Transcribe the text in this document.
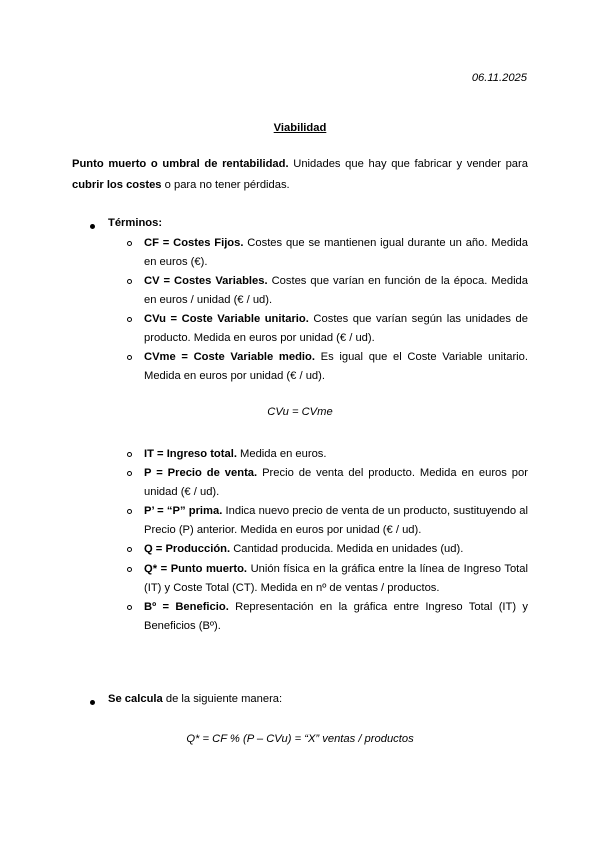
06.11.2025
Viabilidad
Punto muerto o umbral de rentabilidad. Unidades que hay que fabricar y vender para
cubrir los costes o para no tener pérdidas.
Términos:
CF = Costes Fijos. Costes que se mantienen igual durante un año. Medida
en euros (€).
CV = Costes Variables. Costes que varían en función de la época. Medida
en euros / unidad (€ / ud).
CVu = Coste Variable unitario. Costes que varían según las unidades de
producto. Medida en euros por unidad (€ / ud).
CVme = Coste Variable medio. Es igual que el Coste Variable unitario.
Medida en euros por unidad (€ / ud).
CVu = CVme
IT = Ingreso total. Medida en euros.
P = Precio de venta. Precio de venta del producto. Medida en euros por
unidad (€ / ud).
P’ = “P” prima. Indica nuevo precio de venta de un producto, sustituyendo al
Precio (P) anterior. Medida en euros por unidad (€ / ud).
Q = Producción. Cantidad producida. Medida en unidades (ud).
Q* = Punto muerto. Unión física en la gráfica entre la línea de Ingreso Total
(IT) y Coste Total (CT). Medida en nº de ventas / productos.
Bº = Beneficio. Representación en la gráfica entre Ingreso Total (IT) y
Beneficios (Bº).
Se calcula de la siguiente manera:
Q* = CF % (P – CVu) = “X” ventas / productos
